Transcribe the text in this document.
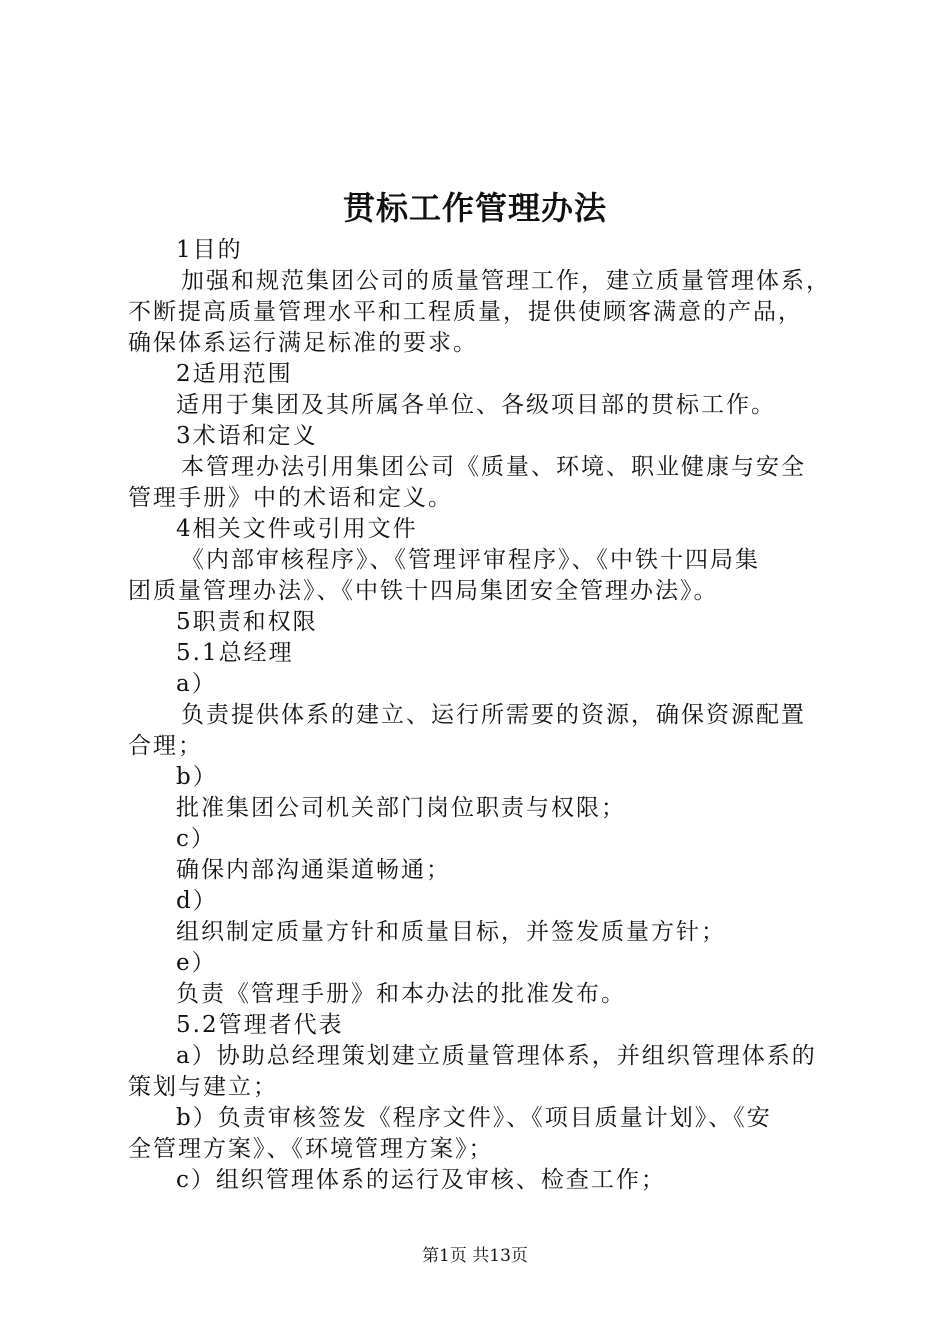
贯标工作管理办法
1目的
加强和规范集团公司的质量管理工作，建立质量管理体系，
不断提高质量管理水平和工程质量，提供使顾客满意的产品，
确保体系运行满足标准的要求。
2适用范围
适用于集团及其所属各单位、各级项目部的贯标工作。
3术语和定义
本管理办法引用集团公司《质量、环境、职业健康与安全
管理手册》中的术语和定义。
4相关文件或引用文件
《内部审核程序》、《管理评审程序》、《中铁十四局集
团质量管理办法》、《中铁十四局集团安全管理办法》。
5职责和权限
5.1总经理
a）
负责提供体系的建立、运行所需要的资源，确保资源配置
合理；
b）
批准集团公司机关部门岗位职责与权限；
c）
确保内部沟通渠道畅通；
d）
组织制定质量方针和质量目标，并签发质量方针；
e）
负责《管理手册》和本办法的批准发布。
5.2管理者代表
a）协助总经理策划建立质量管理体系，并组织管理体系的
策划与建立；
b）负责审核签发《程序文件》、《项目质量计划》、《安
全管理方案》、《环境管理方案》；
c）组织管理体系的运行及审核、检查工作；
第1页 共13页
